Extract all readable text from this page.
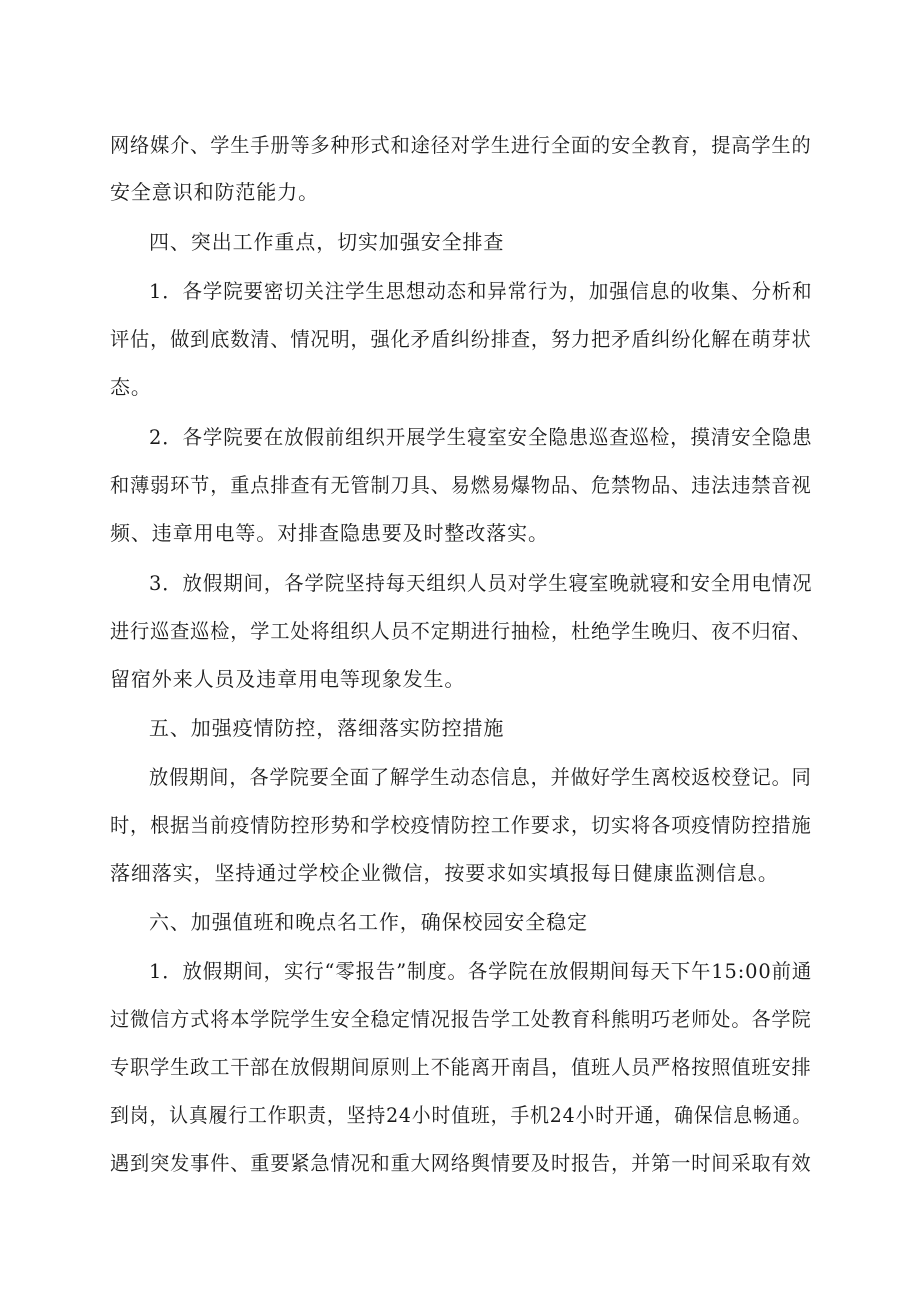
网络媒介、学生手册等多种形式和途径对学生进行全面的安全教育，提高学生的
安全意识和防范能力。
四、突出工作重点，切实加强安全排查
1．各学院要密切关注学生思想动态和异常行为，加强信息的收集、分析和
评估，做到底数清、情况明，强化矛盾纠纷排查，努力把矛盾纠纷化解在萌芽状
态。
2．各学院要在放假前组织开展学生寝室安全隐患巡查巡检，摸清安全隐患
和薄弱环节，重点排查有无管制刀具、易燃易爆物品、危禁物品、违法违禁音视
频、违章用电等。对排查隐患要及时整改落实。
3．放假期间，各学院坚持每天组织人员对学生寝室晚就寝和安全用电情况
进行巡查巡检，学工处将组织人员不定期进行抽检，杜绝学生晚归、夜不归宿、
留宿外来人员及违章用电等现象发生。
五、加强疫情防控，落细落实防控措施
放假期间，各学院要全面了解学生动态信息，并做好学生离校返校登记。同
时，根据当前疫情防控形势和学校疫情防控工作要求，切实将各项疫情防控措施
落细落实，坚持通过学校企业微信，按要求如实填报每日健康监测信息。
六、加强值班和晚点名工作，确保校园安全稳定
1．放假期间，实行“零报告”制度。各学院在放假期间每天下午15:00前通
过微信方式将本学院学生安全稳定情况报告学工处教育科熊明巧老师处。各学院
专职学生政工干部在放假期间原则上不能离开南昌，值班人员严格按照值班安排
到岗，认真履行工作职责，坚持24小时值班，手机24小时开通，确保信息畅通。
遇到突发事件、重要紧急情况和重大网络舆情要及时报告，并第一时间采取有效
